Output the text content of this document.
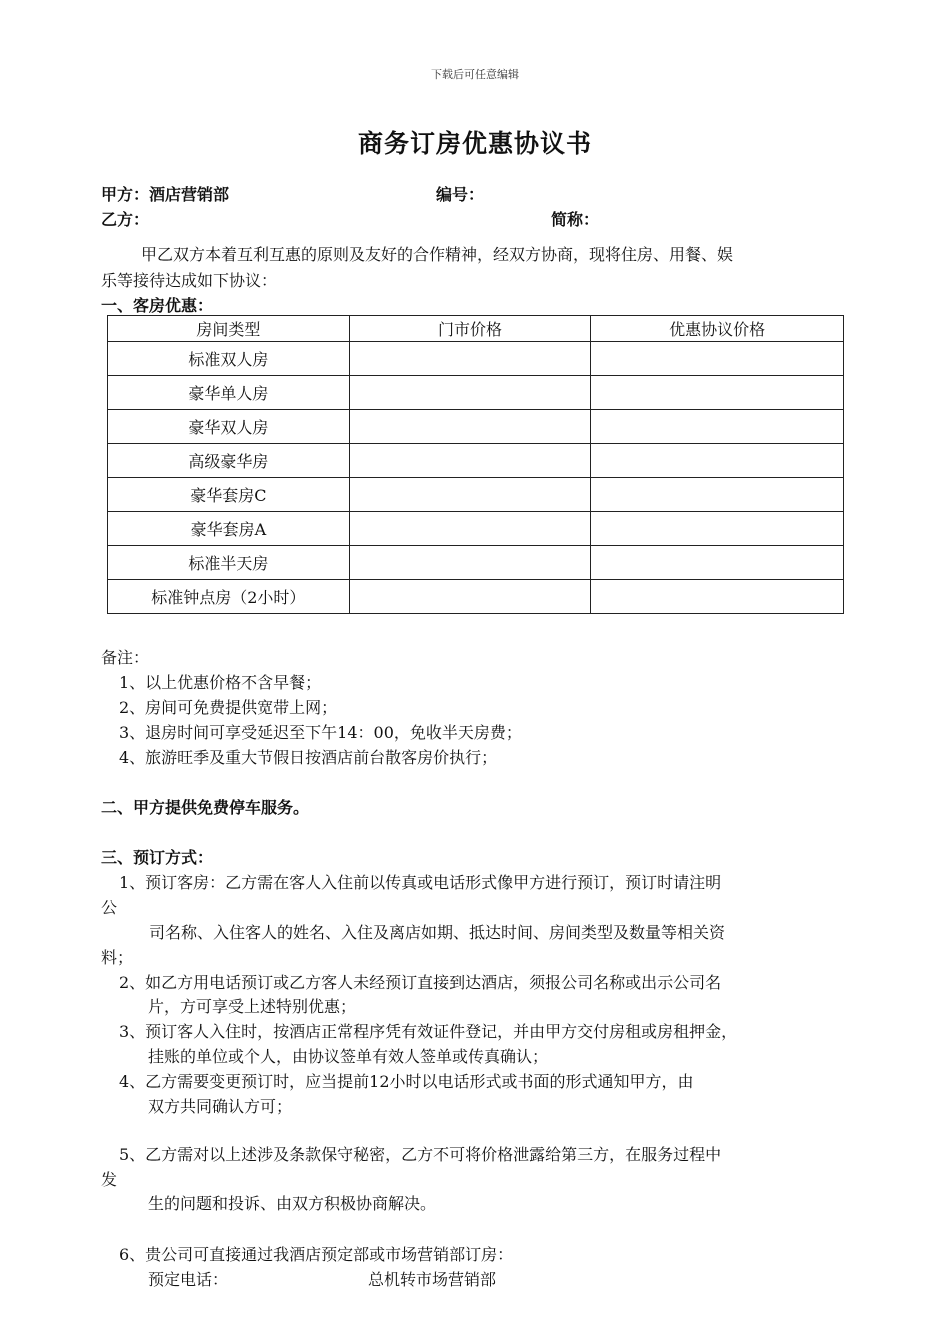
下载后可任意编辑
商务订房优惠协议书
甲方：酒店营销部	编号：
乙方：	简称：
甲乙双方本着互利互惠的原则及友好的合作精神，经双方协商，现将住房、用餐、娱
乐等接待达成如下协议：
一、客房优惠：
房间类型	门市价格	优惠协议价格
标准双人房		
豪华单人房		
豪华双人房		
高级豪华房		
豪华套房C		
豪华套房A		
标准半天房		
标准钟点房（2小时）		
备注：
1、以上优惠价格不含早餐；
2、房间可免费提供宽带上网；
3、退房时间可享受延迟至下午14：00，免收半天房费；
4、旅游旺季及重大节假日按酒店前台散客房价执行；
二、甲方提供免费停车服务。
三、预订方式：
1、预订客房：乙方需在客人入住前以传真或电话形式像甲方进行预订，预订时请注明
公
司名称、入住客人的姓名、入住及离店如期、抵达时间、房间类型及数量等相关资
料；
2、如乙方用电话预订或乙方客人未经预订直接到达酒店，须报公司名称或出示公司名
片，方可享受上述特别优惠；
3、预订客人入住时，按酒店正常程序凭有效证件登记，并由甲方交付房租或房租押金，
挂账的单位或个人，由协议签单有效人签单或传真确认；
4、乙方需要变更预订时，应当提前12小时以电话形式或书面的形式通知甲方，由
双方共同确认方可；
5、乙方需对以上述涉及条款保守秘密，乙方不可将价格泄露给第三方，在服务过程中
发
生的问题和投诉、由双方积极协商解决。
6、贵公司可直接通过我酒店预定部或市场营销部订房：
预定电话：	总机转市场营销部
